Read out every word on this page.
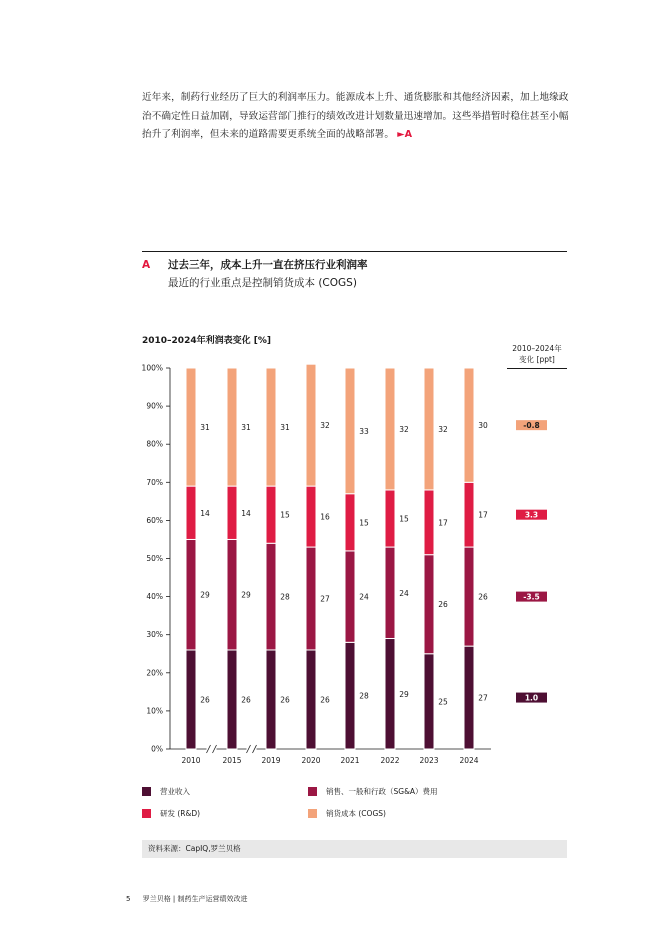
近年来，制药行业经历了巨大的利润率压力。能源成本上升、通货膨胀和其他经济因素，加上地缘政治不确定性日益加剧，导致运营部门推行的绩效改进计划数量迅速增加。这些举措暂时稳住甚至小幅抬升了利润率，但未来的道路需要更系统全面的战略部署。 ►A
A 过去三年，成本上升一直在挤压行业利润率
最近的行业重点是控制销货成本 (COGS)
2010–2024年利润表变化 [%]
2010–2024年
变化 [ppt]
0%
10%
20%
30%
40%
50%
60%
70%
80%
90%
100%
26
29
14
31
2010
26
29
14
31
2015
26
28
15
31
2019
26
27
16
32
2020
28
24
15
33
2021
29
24
15
32
2022
25
26
17
32
2023
27
26
17
30
2024
-0.8
3.3
-3.5
1.0
营业收入	销售、一般和行政（SG&A）费用
研发 (R&D)	销货成本 (COGS)
资料来源：CapIQ,罗兰贝格
5 罗兰贝格 | 制药生产运营绩效改进
